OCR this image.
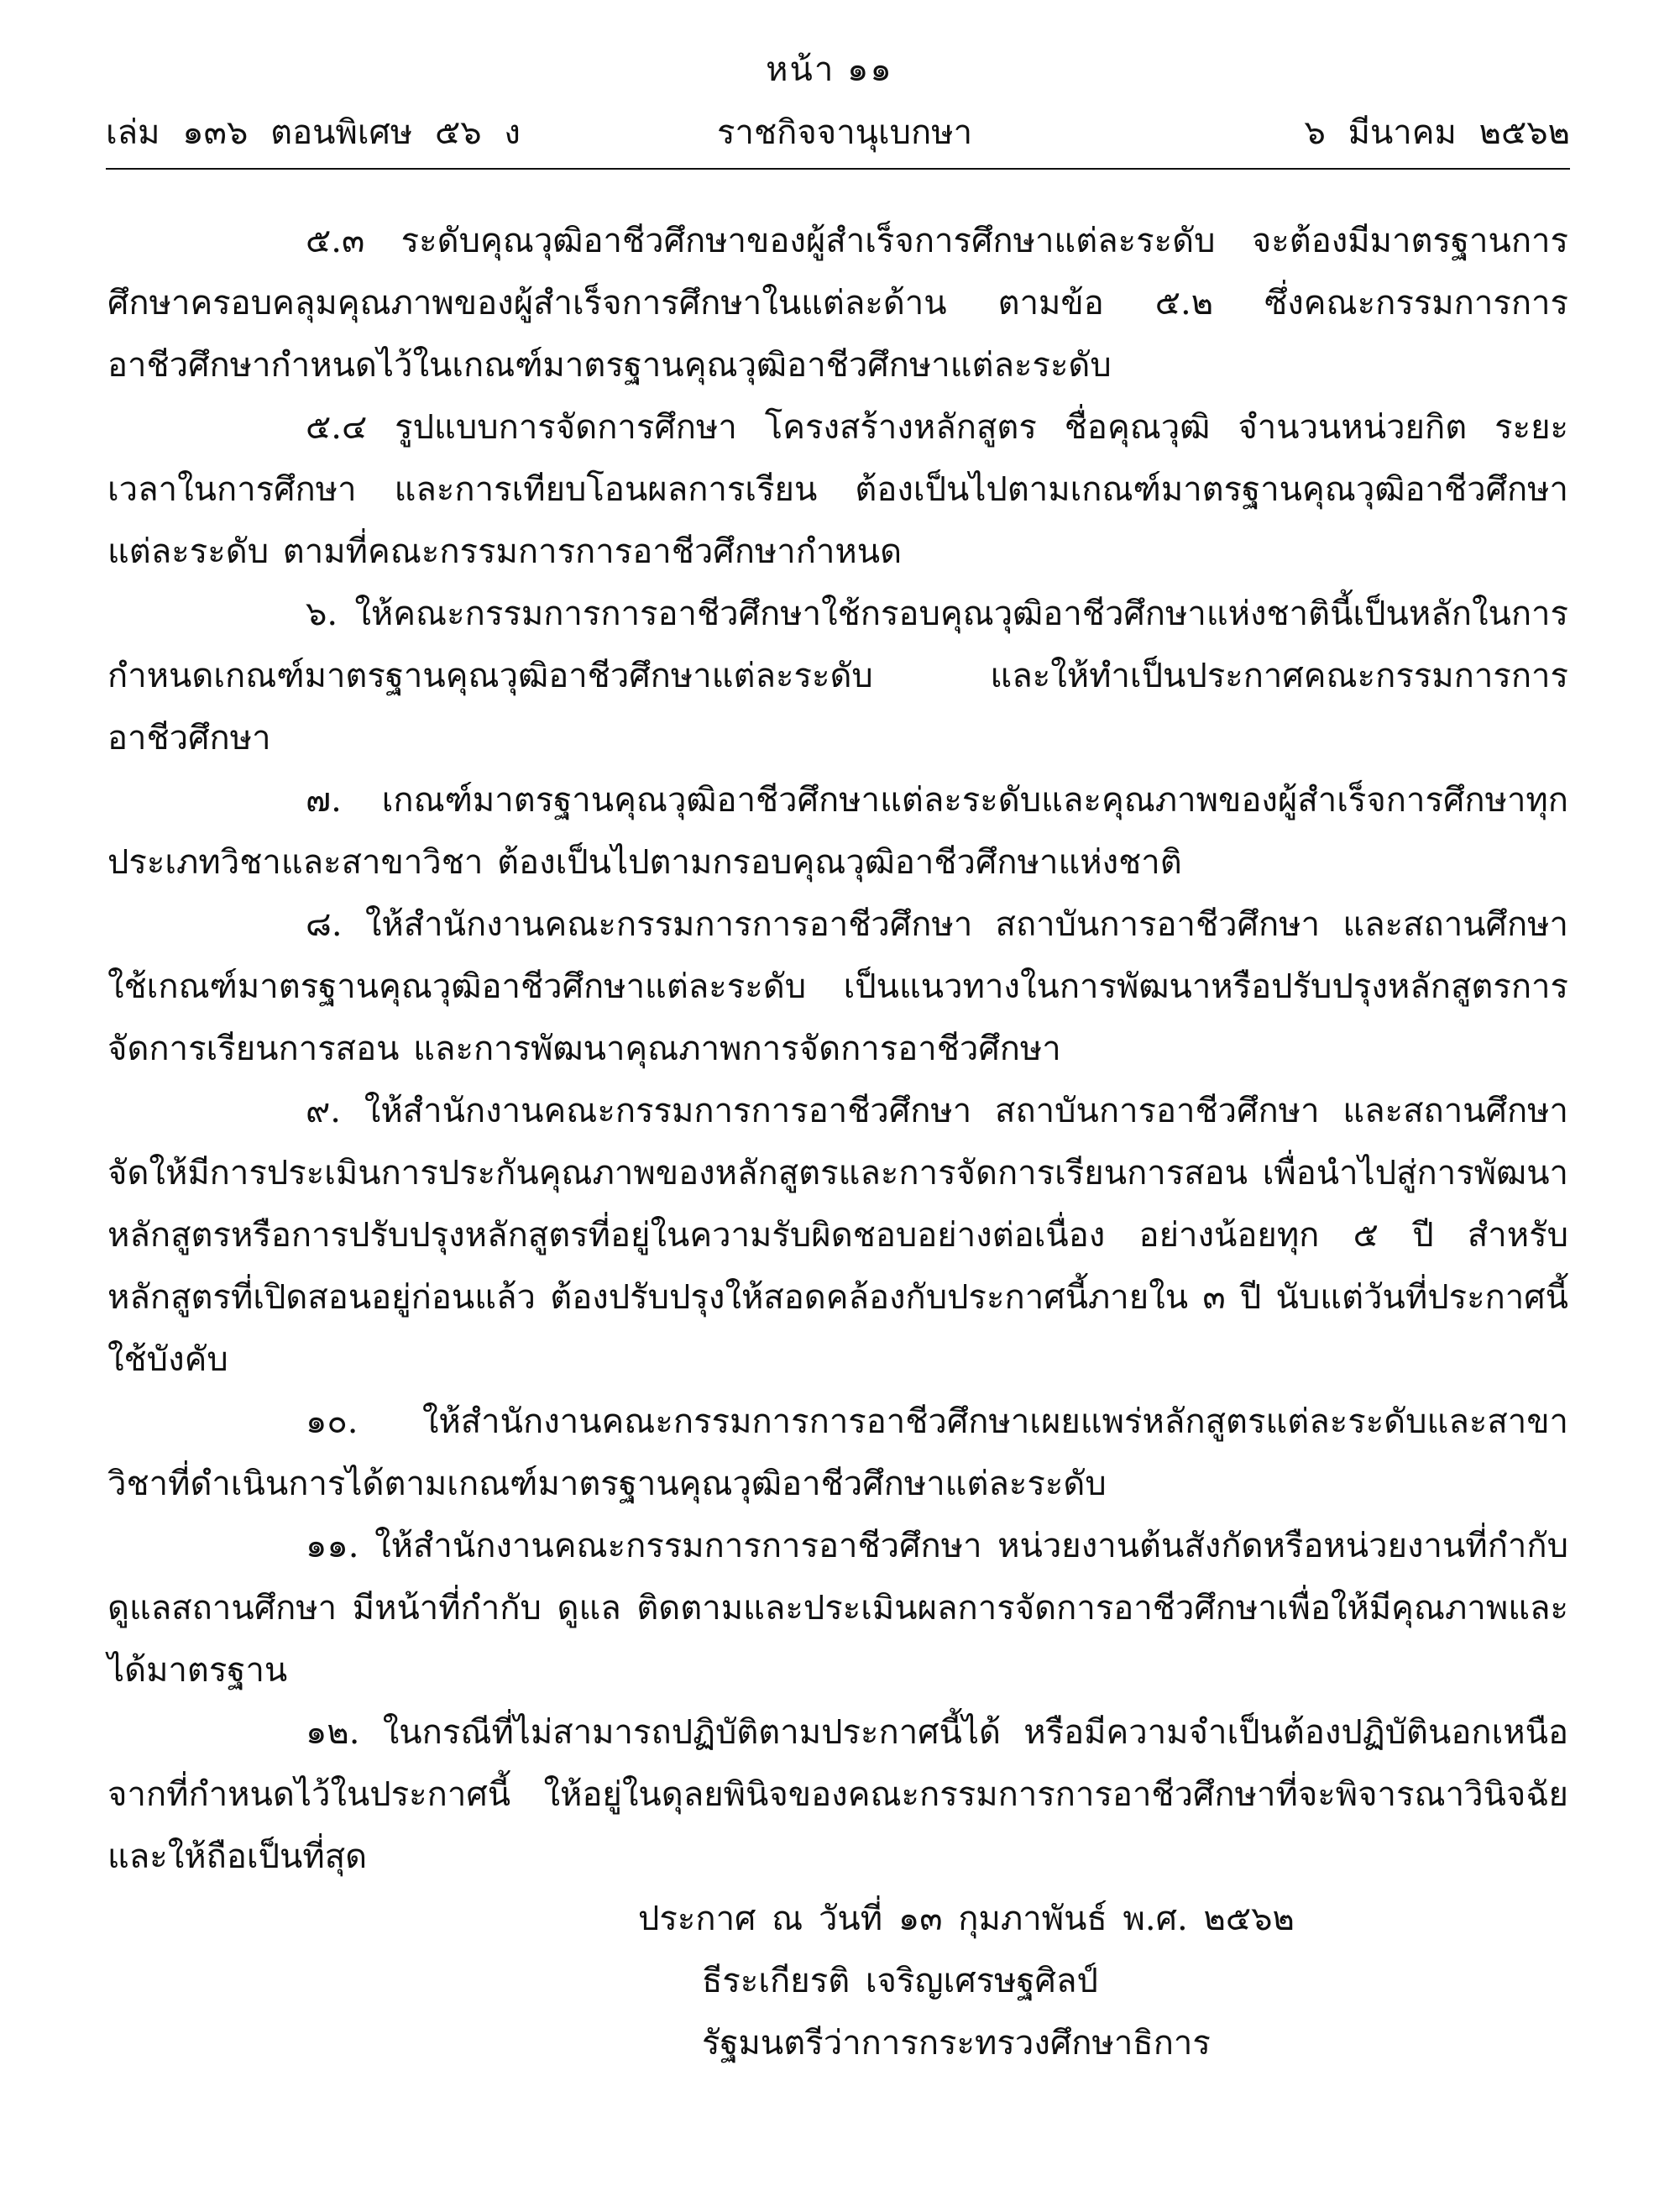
หน้า ๑๑
เล่ม ๑๓๖ ตอนพิเศษ ๕๖ ง	ราชกิจจานุเบกษา	๖ มีนาคม ๒๕๖๒

๕.๓ ระดับคุณวุฒิอาชีวศึกษาของผู้สำเร็จการศึกษาแต่ละระดับ จะต้องมีมาตรฐานการศึกษาครอบคลุมคุณภาพของผู้สำเร็จการศึกษาในแต่ละด้าน ตามข้อ ๕.๒ ซึ่งคณะกรรมการการอาชีวศึกษากำหนดไว้ในเกณฑ์มาตรฐานคุณวุฒิอาชีวศึกษาแต่ละระดับ

๕.๔ รูปแบบการจัดการศึกษา โครงสร้างหลักสูตร ชื่อคุณวุฒิ จำนวนหน่วยกิต ระยะเวลาในการศึกษา และการเทียบโอนผลการเรียน ต้องเป็นไปตามเกณฑ์มาตรฐานคุณวุฒิอาชีวศึกษาแต่ละระดับ ตามที่คณะกรรมการการอาชีวศึกษากำหนด

๖. ให้คณะกรรมการการอาชีวศึกษาใช้กรอบคุณวุฒิอาชีวศึกษาแห่งชาตินี้เป็นหลักในการกำหนดเกณฑ์มาตรฐานคุณวุฒิอาชีวศึกษาแต่ละระดับ และให้ทำเป็นประกาศคณะกรรมการการอาชีวศึกษา

๗. เกณฑ์มาตรฐานคุณวุฒิอาชีวศึกษาแต่ละระดับและคุณภาพของผู้สำเร็จการศึกษาทุกประเภทวิชาและสาขาวิชา ต้องเป็นไปตามกรอบคุณวุฒิอาชีวศึกษาแห่งชาติ

๘. ให้สำนักงานคณะกรรมการการอาชีวศึกษา สถาบันการอาชีวศึกษา และสถานศึกษาใช้เกณฑ์มาตรฐานคุณวุฒิอาชีวศึกษาแต่ละระดับ เป็นแนวทางในการพัฒนาหรือปรับปรุงหลักสูตรการจัดการเรียนการสอน และการพัฒนาคุณภาพการจัดการอาชีวศึกษา

๙. ให้สำนักงานคณะกรรมการการอาชีวศึกษา สถาบันการอาชีวศึกษา และสถานศึกษาจัดให้มีการประเมินการประกันคุณภาพของหลักสูตรและการจัดการเรียนการสอน เพื่อนำไปสู่การพัฒนาหลักสูตรหรือการปรับปรุงหลักสูตรที่อยู่ในความรับผิดชอบอย่างต่อเนื่อง อย่างน้อยทุก ๕ ปี สำหรับหลักสูตรที่เปิดสอนอยู่ก่อนแล้ว ต้องปรับปรุงให้สอดคล้องกับประกาศนี้ภายใน ๓ ปี นับแต่วันที่ประกาศนี้ใช้บังคับ

๑๐. ให้สำนักงานคณะกรรมการการอาชีวศึกษาเผยแพร่หลักสูตรแต่ละระดับและสาขาวิชาที่ดำเนินการได้ตามเกณฑ์มาตรฐานคุณวุฒิอาชีวศึกษาแต่ละระดับ

๑๑. ให้สำนักงานคณะกรรมการการอาชีวศึกษา หน่วยงานต้นสังกัดหรือหน่วยงานที่กำกับดูแลสถานศึกษา มีหน้าที่กำกับ ดูแล ติดตามและประเมินผลการจัดการอาชีวศึกษาเพื่อให้มีคุณภาพและได้มาตรฐาน

๑๒. ในกรณีที่ไม่สามารถปฏิบัติตามประกาศนี้ได้ หรือมีความจำเป็นต้องปฏิบัตินอกเหนือจากที่กำหนดไว้ในประกาศนี้ ให้อยู่ในดุลยพินิจของคณะกรรมการการอาชีวศึกษาที่จะพิจารณาวินิจฉัยและให้ถือเป็นที่สุด

ประกาศ ณ วันที่ ๑๓ กุมภาพันธ์ พ.ศ. ๒๕๖๒
ธีระเกียรติ เจริญเศรษฐศิลป์
รัฐมนตรีว่าการกระทรวงศึกษาธิการ
